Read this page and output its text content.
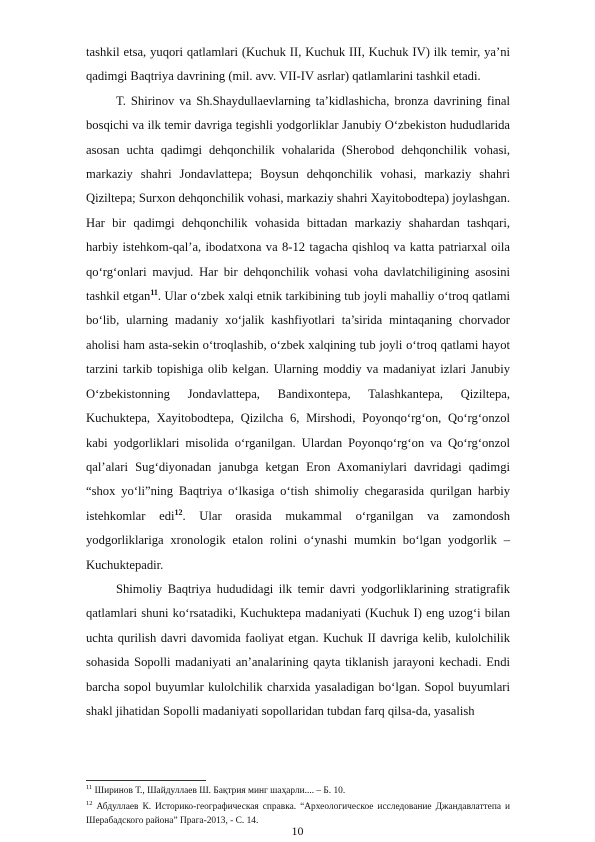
tashkil etsa, yuqori qatlamlari (Kuchuk II, Kuchuk III, Kuchuk IV) ilk temir, ya’ni qadimgi Baqtriya davrining (mil. avv. VII-IV asrlar) qatlamlarini tashkil etadi.

T. Shirinov va Sh.Shaydullaevlarning ta’kidlashicha, bronza davrining final bosqichi va ilk temir davriga tegishli yodgorliklar Janubiy O‘zbekiston hududlarida asosan uchta qadimgi dehqonchilik vohalarida (Sherobod dehqonchilik vohasi, markaziy shahri Jondavlattepa; Boysun dehqonchilik vohasi, markaziy shahri Qiziltepa; Surxon dehqonchilik vohasi, markaziy shahri Xayitobodtepa) joylashgan. Har bir qadimgi dehqonchilik vohasida bittadan markaziy shahardan tashqari, harbiy istehkom-qal’a, ibodatxona va 8-12 tagacha qishloq va katta patriarxal oila qo‘rg‘onlari mavjud. Har bir dehqonchilik vohasi voha davlatchiligining asosini tashkil etgan$^{11}$. Ular o‘zbek xalqi etnik tarkibining tub joyli mahalliy o‘troq qatlami bo‘lib, ularning madaniy xo‘jalik kashfiyotlari ta’sirida mintaqaning chorvador aholisi ham asta-sekin o‘troqlashib, o‘zbek xalqining tub joyli o‘troq qatlami hayot tarzini tarkib topishiga olib kelgan. Ularning moddiy va madaniyat izlari Janubiy O‘zbekistonning Jondavlattepa, Bandixontepa, Talashkantepa, Qiziltepa, Kuchuktepa, Xayitobodtepa, Qizilcha 6, Mirshodi, Poyonqo‘rg‘on, Qo‘rg‘onzol kabi yodgorliklari misolida o‘rganilgan. Ulardan Poyonqo‘rg‘on va Qo‘rg‘onzol qal’alari Sug‘diyonadan janubga ketgan Eron Axomaniylari davridagi qadimgi “shox yo‘li”ning Baqtriya o‘lkasiga o‘tish shimoliy chegarasida qurilgan harbiy istehkomlar edi$^{12}$. Ular orasida mukammal o‘rganilgan va zamondosh yodgorliklariga xronologik etalon rolini o‘ynashi mumkin bo‘lgan yodgorlik – Kuchuktepadir.

Shimoliy Baqtriya hududidagi ilk temir davri yodgorliklarining stratigrafik qatlamlari shuni ko‘rsatadiki, Kuchuktepa madaniyati (Kuchuk I) eng uzog‘i bilan uchta qurilish davri davomida faoliyat etgan. Kuchuk II davriga kelib, kulolchilik sohasida Sopolli madaniyati an’analarining qayta tiklanish jarayoni kechadi. Endi barcha sopol buyumlar kulolchilik charxida yasaladigan bo‘lgan. Sopol buyumlari shakl jihatidan Sopolli madaniyati sopollaridan tubdan farq qilsa-da, yasalish

$^{11}$ Ширинов Т., Шайдуллаев Ш. Бақтрия минг шаҳарли.... – Б. 10.

$^{12}$ Абдуллаев К. Историко-географическая справка. “Археологическое исследование Джандавлаттепа и Шерабадского района” Прага-2013, - С. 14.

10
